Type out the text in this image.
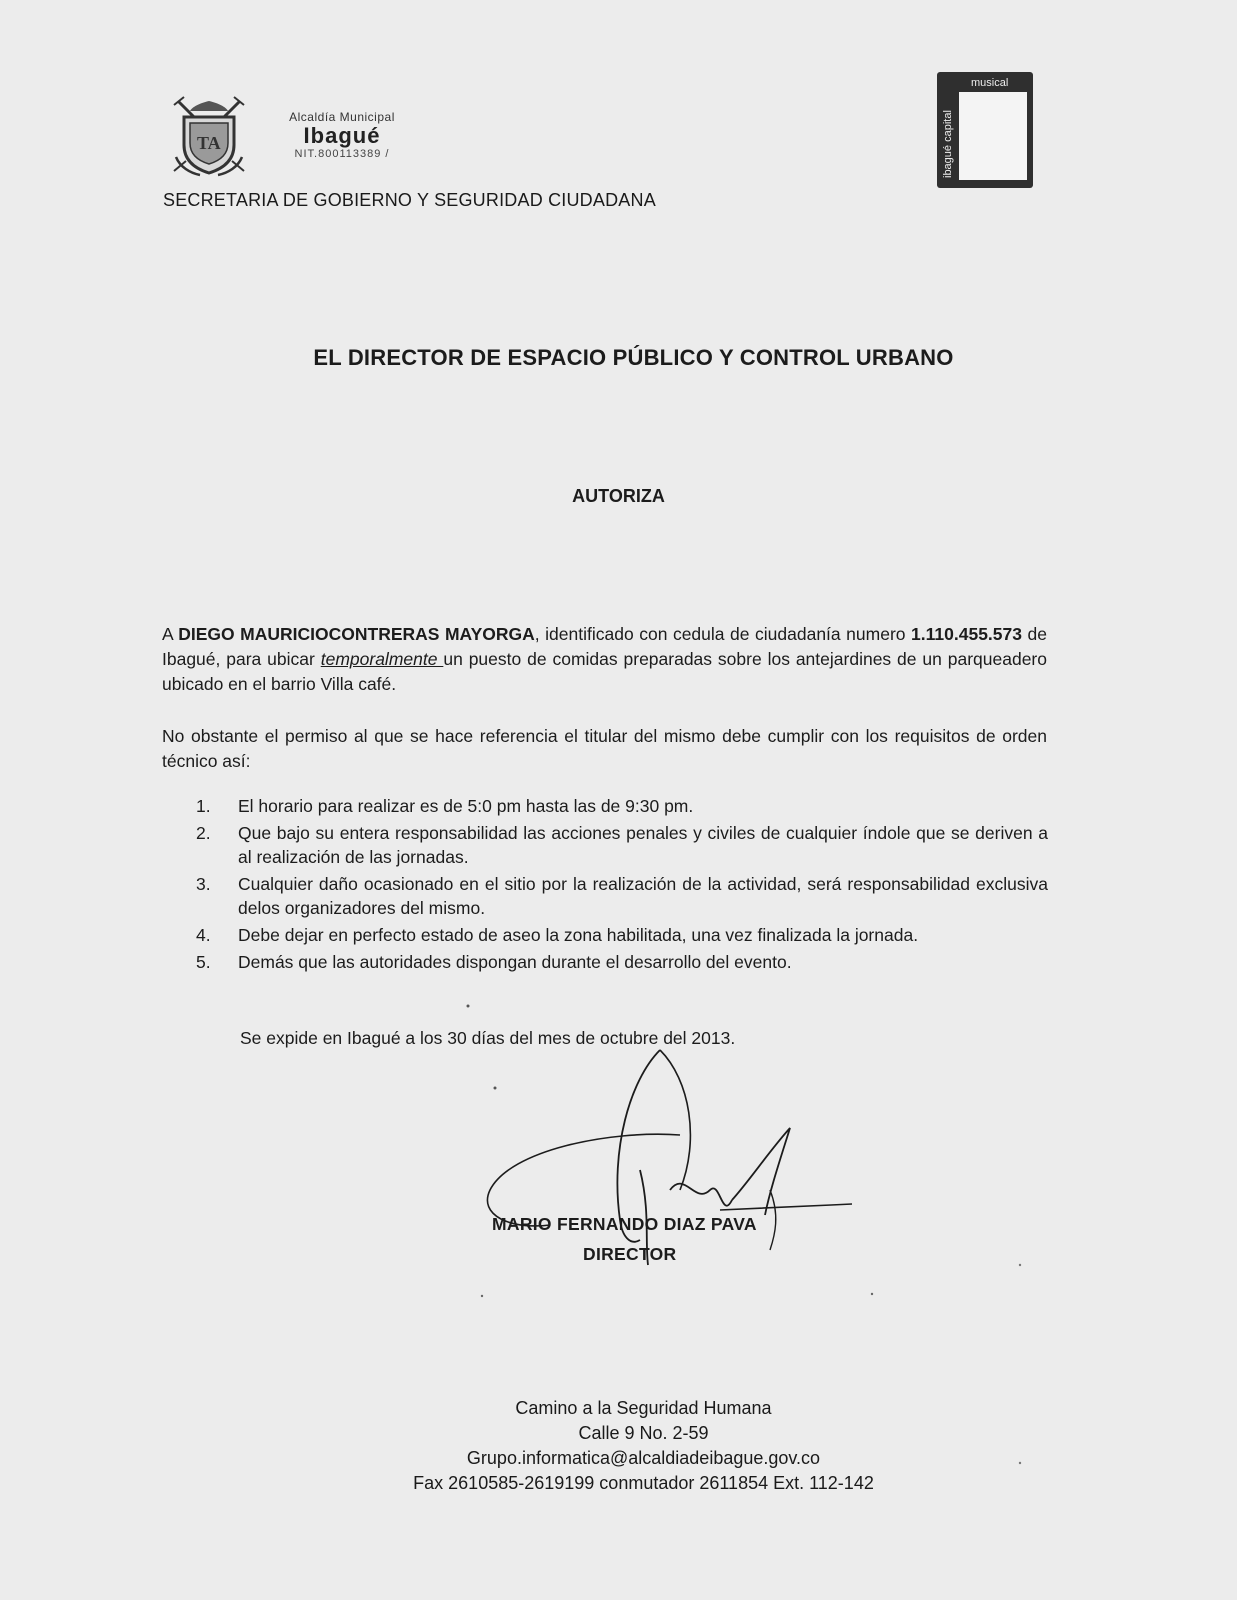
TA
Alcaldía Municipal
Ibagué
NIT.800113389 /
SECRETARIA DE GOBIERNO Y SEGURIDAD CIUDADANA
musical
ibagué capital
EL DIRECTOR DE ESPACIO PÚBLICO Y CONTROL URBANO
AUTORIZA
A DIEGO MAURICIOCONTRERAS MAYORGA, identificado con cedula de ciudadanía numero 1.110.455.573 de Ibagué, para ubicar temporalmente un puesto de comidas preparadas sobre los antejardines de un parqueadero ubicado en el barrio Villa café.
No obstante el permiso al que se hace referencia el titular del mismo debe cumplir con los requisitos de orden técnico así:
1.	El horario para realizar es de 5:0 pm hasta las de 9:30 pm.
2.	Que bajo su entera responsabilidad las acciones penales y civiles de cualquier índole que se deriven a al realización de las jornadas.
3.	Cualquier daño ocasionado en el sitio por la realización de la actividad, será responsabilidad exclusiva delos organizadores del mismo.
4.	Debe dejar en perfecto estado de aseo la zona habilitada, una vez finalizada la jornada.
5.	Demás que las autoridades dispongan durante el desarrollo del evento.
Se expide en Ibagué a los 30 días del mes de octubre del 2013.
MARIO FERNANDO DIAZ PAVA
DIRECTOR
Camino a la Seguridad Humana
Calle 9 No. 2-59
Grupo.informatica@alcaldiadeibague.gov.co
Fax 2610585-2619199 conmutador 2611854 Ext. 112-142
